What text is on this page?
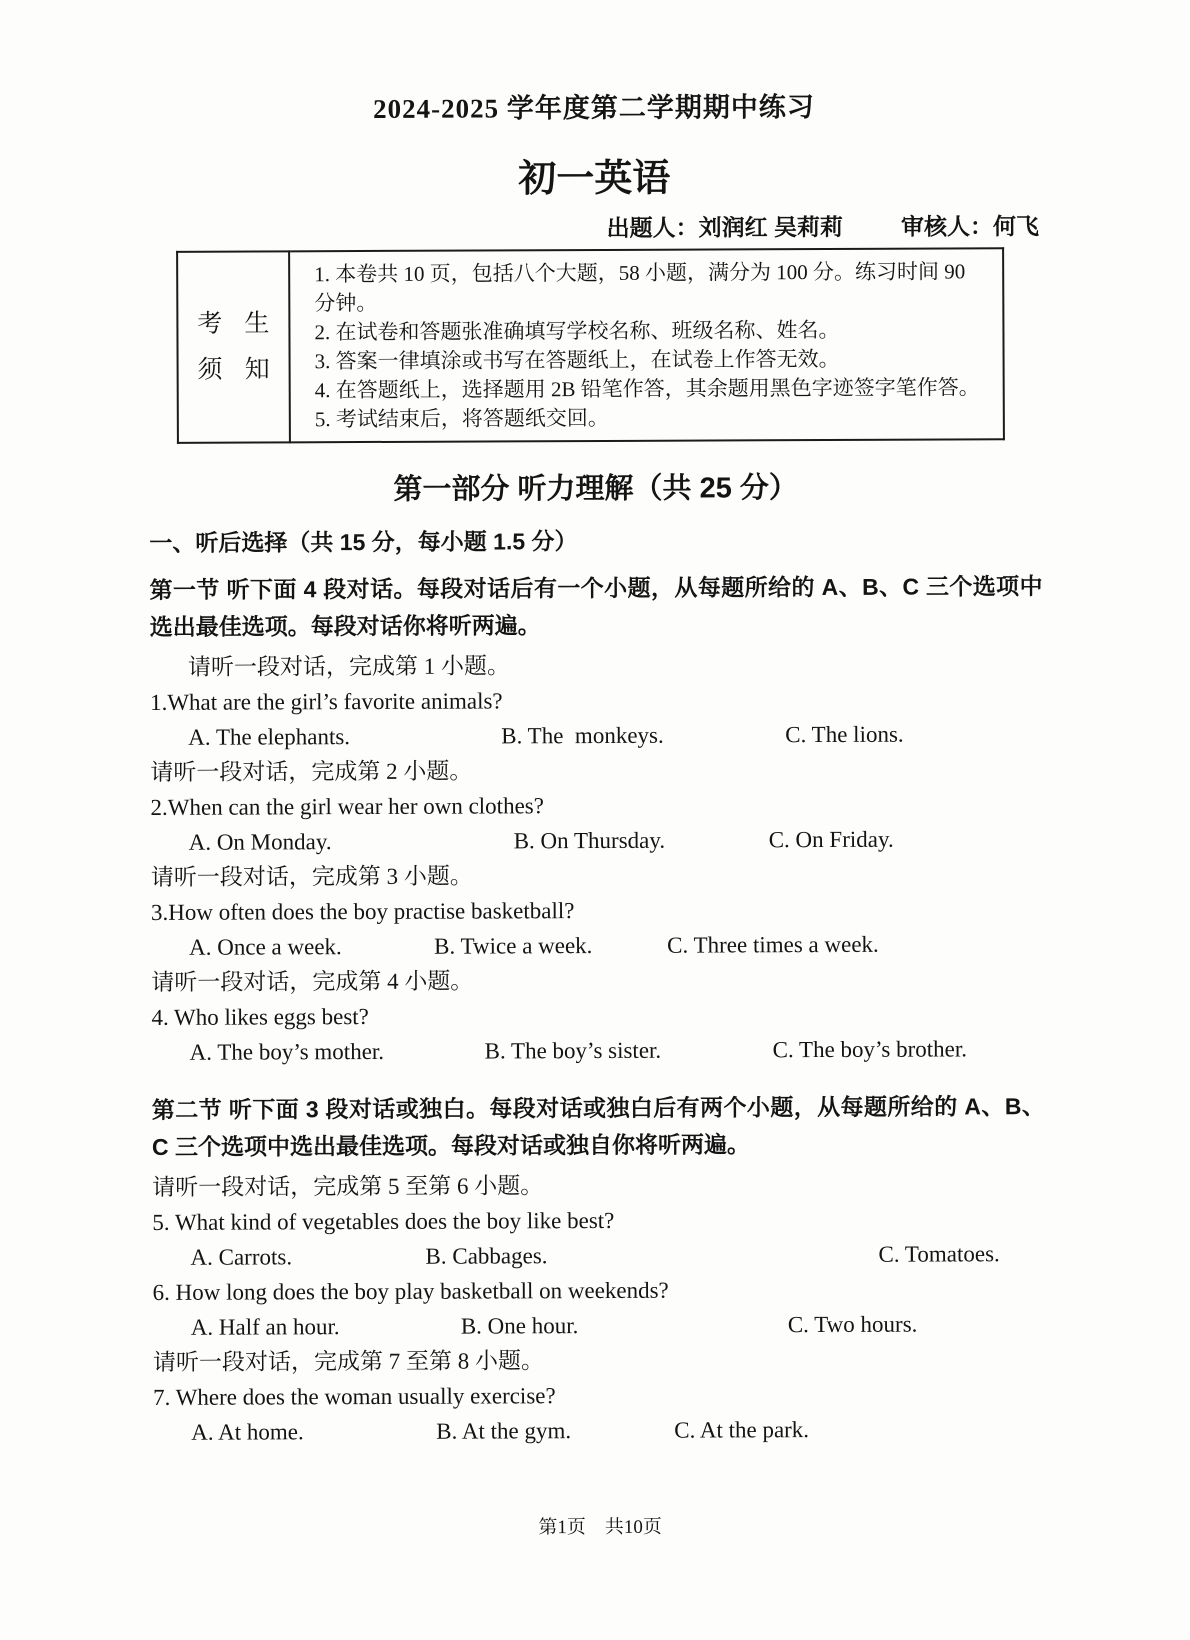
2024-2025 学年度第二学期期中练习
初一英语
出题人：刘润红 吴莉莉	审核人：何飞
考 生
须 知

1. 本卷共 10 页，包括八个大题，58 小题，满分为 100 分。练习时间 90 分钟。

2. 在试卷和答题张准确填写学校名称、班级名称、姓名。

3. 答案一律填涂或书写在答题纸上，在试卷上作答无效。

4. 在答题纸上，选择题用 2B 铅笔作答，其余题用黑色字迹签字笔作答。

5. 考试结束后，将答题纸交回。

第一部分 听力理解（共 25 分）
一、听后选择（共 15 分，每小题 1.5 分）

第一节 听下面 4 段对话。每段对话后有一个小题，从每题所给的 A、B、C 三个选项中选出最佳选项。每段对话你将听两遍。

请听一段对话，完成第 1 小题。

1.What are the girl’s favorite animals?

A. The elephants.	B. The  monkeys.	C. The lions.

请听一段对话，完成第 2 小题。

2.When can the girl wear her own clothes?

A. On Monday.	B. On Thursday.	C. On Friday.

请听一段对话，完成第 3 小题。

3.How often does the boy practise basketball?

A. Once a week.	B. Twice a week.	C. Three times a week.

请听一段对话，完成第 4 小题。

4. Who likes eggs best?

A. The boy’s mother.	B. The boy’s sister.	C. The boy’s brother.

第二节 听下面 3 段对话或独白。每段对话或独白后有两个小题，从每题所给的 A、B、C 三个选项中选出最佳选项。每段对话或独自你将听两遍。

请听一段对话，完成第 5 至第 6 小题。

5. What kind of vegetables does the boy like best?

A. Carrots.	B. Cabbages.	C. Tomatoes.

6. How long does the boy play basketball on weekends?

A. Half an hour.	B. One hour.	C. Two hours.

请听一段对话，完成第 7 至第 8 小题。

7. Where does the woman usually exercise?

A. At home.	B. At the gym.	C. At the park.
第1页　共10页
